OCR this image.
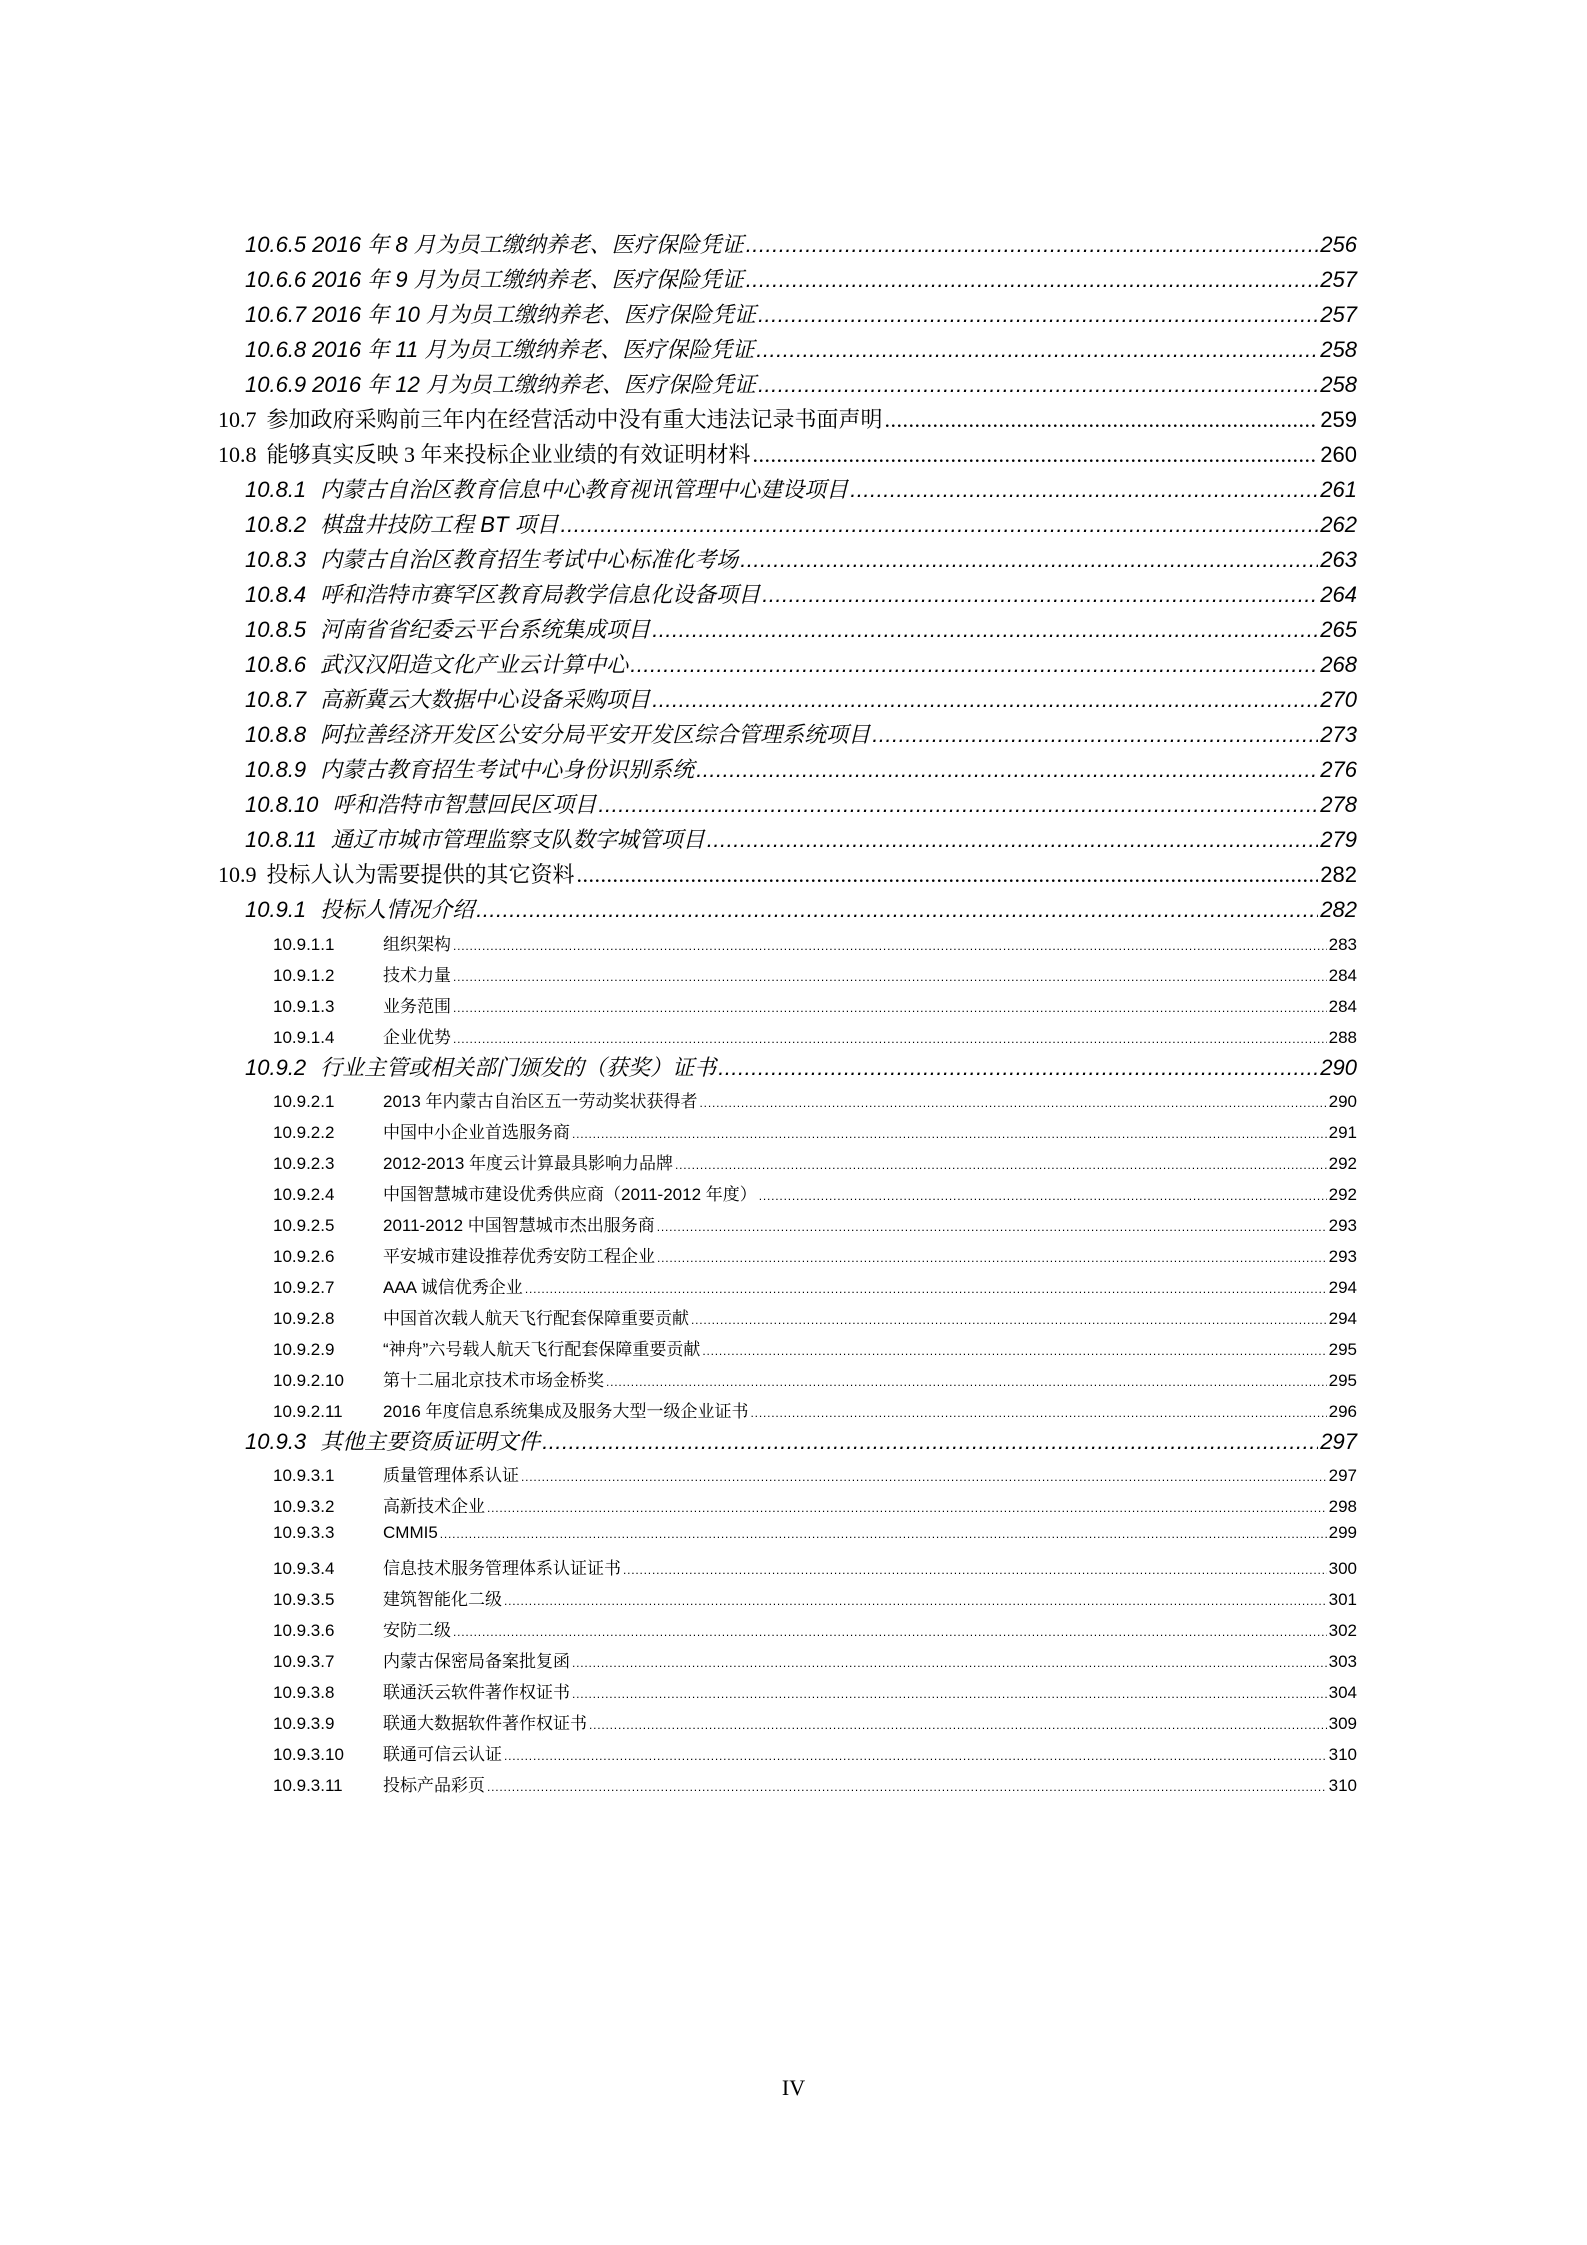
10.6.5 2016 年 8 月为员工缴纳养老、医疗保险凭证 .....	256
10.6.6 2016 年 9 月为员工缴纳养老、医疗保险凭证 .....	257
10.6.7 2016 年 10 月为员工缴纳养老、医疗保险凭证 .....	257
10.6.8 2016 年 11 月为员工缴纳养老、医疗保险凭证 .....	258
10.6.9 2016 年 12 月为员工缴纳养老、医疗保险凭证 .....	258
10.7 参加政府采购前三年内在经营活动中没有重大违法记录书面声明 .....	259
10.8 能够真实反映 3 年来投标企业业绩的有效证明材料 .....	260
10.8.1 内蒙古自治区教育信息中心教育视讯管理中心建设项目 .....	261
10.8.2 棋盘井技防工程 BT 项目 .....	262
10.8.3 内蒙古自治区教育招生考试中心标准化考场 .....	263
10.8.4 呼和浩特市赛罕区教育局教学信息化设备项目 .....	264
10.8.5 河南省省纪委云平台系统集成项目 .....	265
10.8.6 武汉汉阳造文化产业云计算中心 .....	268
10.8.7 高新冀云大数据中心设备采购项目 .....	270
10.8.8 阿拉善经济开发区公安分局平安开发区综合管理系统项目 .....	273
10.8.9 内蒙古教育招生考试中心身份识别系统 .....	276
10.8.10 呼和浩特市智慧回民区项目 .....	278
10.8.11 通辽市城市管理监察支队数字城管项目 .....	279
10.9 投标人认为需要提供的其它资料 .....	282
10.9.1 投标人情况介绍 .....	282
10.9.1.1	组织架构 .....	283
10.9.1.2	技术力量 .....	284
10.9.1.3	业务范围 .....	284
10.9.1.4	企业优势 .....	288
10.9.2 行业主管或相关部门颁发的（获奖）证书 .....	290
10.9.2.1	2013 年内蒙古自治区五一劳动奖状获得者 .....	290
10.9.2.2	中国中小企业首选服务商 .....	291
10.9.2.3	2012-2013 年度云计算最具影响力品牌 .....	292
10.9.2.4	中国智慧城市建设优秀供应商（2011-2012 年度） .....	292
10.9.2.5	2011-2012 中国智慧城市杰出服务商 .....	293
10.9.2.6	平安城市建设推荐优秀安防工程企业 .....	293
10.9.2.7	AAA 诚信优秀企业 .....	294
10.9.2.8	中国首次载人航天飞行配套保障重要贡献 .....	294
10.9.2.9	“神舟”六号载人航天飞行配套保障重要贡献 .....	295
10.9.2.10 第十二届北京技术市场金桥奖 .....	295
10.9.2.11 2016 年度信息系统集成及服务大型一级企业证书 .....	296
10.9.3 其他主要资质证明文件 .....	297
10.9.3.1	质量管理体系认证 .....	297
10.9.3.2	高新技术企业 .....	298
10.9.3.3	CMMI5 .....	299
10.9.3.4	信息技术服务管理体系认证证书 .....	300
10.9.3.5	建筑智能化二级 .....	301
10.9.3.6	安防二级 .....	302
10.9.3.7	内蒙古保密局备案批复函 .....	303
10.9.3.8	联通沃云软件著作权证书 .....	304
10.9.3.9	联通大数据软件著作权证书 .....	309
10.9.3.10 联通可信云认证 .....	310
10.9.3.11 投标产品彩页 .....	310
IV
